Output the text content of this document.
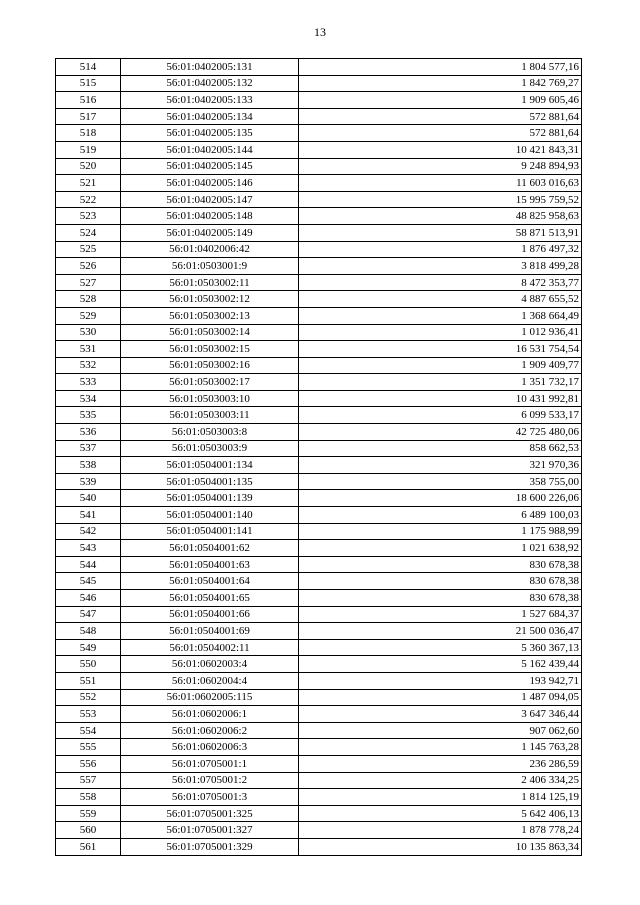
13
514	56:01:0402005:131	1 804 577,16
515	56:01:0402005:132	1 842 769,27
516	56:01:0402005:133	1 909 605,46
517	56:01:0402005:134	572 881,64
518	56:01:0402005:135	572 881,64
519	56:01:0402005:144	10 421 843,31
520	56:01:0402005:145	9 248 894,93
521	56:01:0402005:146	11 603 016,63
522	56:01:0402005:147	15 995 759,52
523	56:01:0402005:148	48 825 958,63
524	56:01:0402005:149	58 871 513,91
525	56:01:0402006:42	1 876 497,32
526	56:01:0503001:9	3 818 499,28
527	56:01:0503002:11	8 472 353,77
528	56:01:0503002:12	4 887 655,52
529	56:01:0503002:13	1 368 664,49
530	56:01:0503002:14	1 012 936,41
531	56:01:0503002:15	16 531 754,54
532	56:01:0503002:16	1 909 409,77
533	56:01:0503002:17	1 351 732,17
534	56:01:0503003:10	10 431 992,81
535	56:01:0503003:11	6 099 533,17
536	56:01:0503003:8	42 725 480,06
537	56:01:0503003:9	858 662,53
538	56:01:0504001:134	321 970,36
539	56:01:0504001:135	358 755,00
540	56:01:0504001:139	18 600 226,06
541	56:01:0504001:140	6 489 100,03
542	56:01:0504001:141	1 175 988,99
543	56:01:0504001:62	1 021 638,92
544	56:01:0504001:63	830 678,38
545	56:01:0504001:64	830 678,38
546	56:01:0504001:65	830 678,38
547	56:01:0504001:66	1 527 684,37
548	56:01:0504001:69	21 500 036,47
549	56:01:0504002:11	5 360 367,13
550	56:01:0602003:4	5 162 439,44
551	56:01:0602004:4	193 942,71
552	56:01:0602005:115	1 487 094,05
553	56:01:0602006:1	3 647 346,44
554	56:01:0602006:2	907 062,60
555	56:01:0602006:3	1 145 763,28
556	56:01:0705001:1	236 286,59
557	56:01:0705001:2	2 406 334,25
558	56:01:0705001:3	1 814 125,19
559	56:01:0705001:325	5 642 406,13
560	56:01:0705001:327	1 878 778,24
561	56:01:0705001:329	10 135 863,34
